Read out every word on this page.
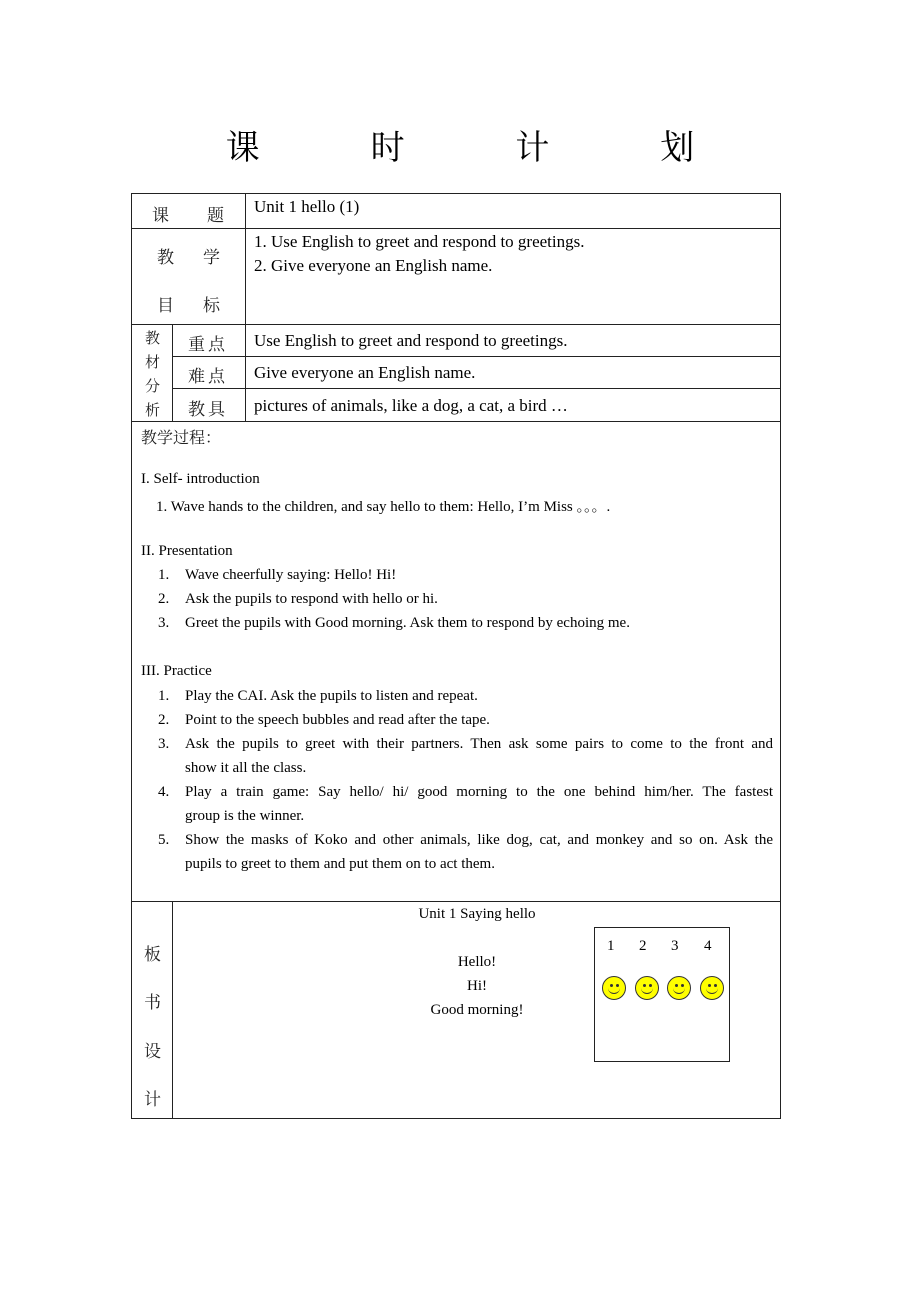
课 时 计 划
课 题 Unit 1 hello (1)
教 学
目 标
1. Use English to greet and respond to greetings.
2. Give everyone an English name.
教
材
分
析
重点 Use English to greet and respond to greetings.
难点 Give everyone an English name.
教具 pictures of animals, like a dog, a cat, a bird …
教学过程：
I. Self- introduction
1. Wave hands to the children, and say hello to them: Hello, I’m Miss 。。。.
II. Presentation
1. Wave cheerfully saying: Hello! Hi!
2. Ask the pupils to respond with hello or hi.
3. Greet the pupils with Good morning. Ask them to respond by echoing me.
III. Practice
1. Play the CAI. Ask the pupils to listen and repeat.
2. Point to the speech bubbles and read after the tape.
3. Ask the pupils to greet with their partners. Then ask some pairs to come to the front and
show it all the class.
4. Play a train game: Say hello/ hi/ good morning to the one behind him/her. The fastest
group is the winner.
5. Show the masks of Koko and other animals, like dog, cat, and monkey and so on. Ask the
pupils to greet to them and put them on to act them.
板
书
设
计
Unit 1 Saying hello
Hello!
Hi!
Good morning!
1 2 3 4
